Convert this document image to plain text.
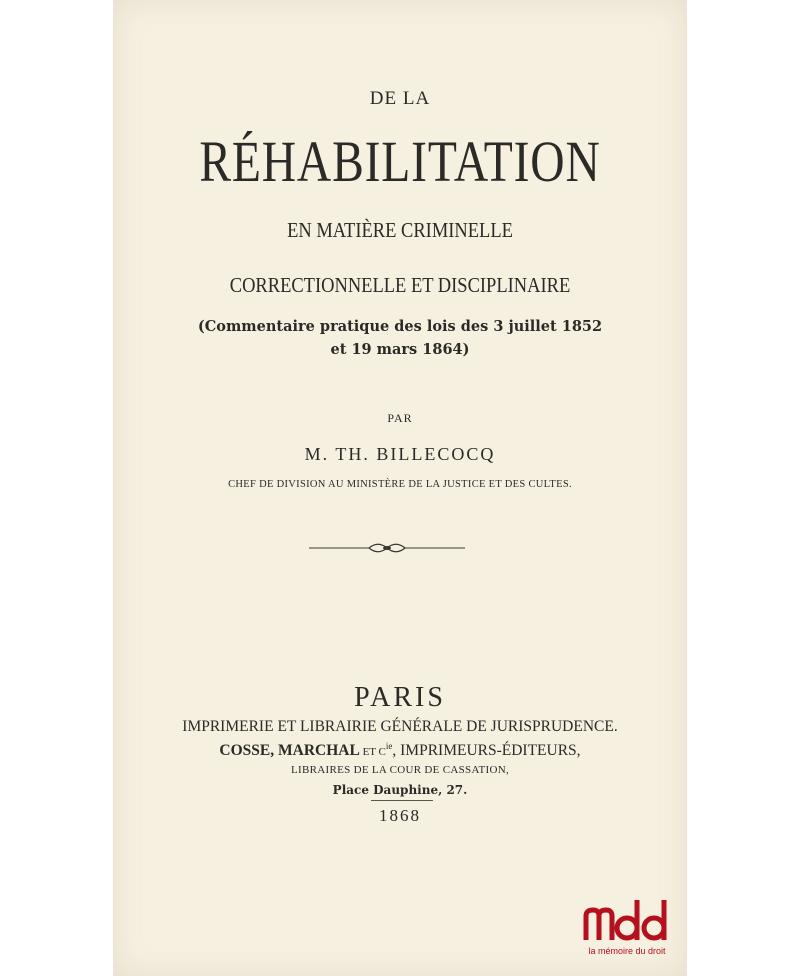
DE LA
RÉHABILITATION
EN MATIÈRE CRIMINELLE
CORRECTIONNELLE ET DISCIPLINAIRE
(Commentaire pratique des lois des 3 juillet 1852
et 19 mars 1864)
PAR
M. TH. BILLECOCQ
CHEF DE DIVISION AU MINISTÈRE DE LA JUSTICE ET DES CULTES.
PARIS
IMPRIMERIE ET LIBRAIRIE GÉNÉRALE DE JURISPRUDENCE.
COSSE, MARCHAL ET $C^{ie}$, IMPRIMEURS-ÉDITEURS,
LIBRAIRES DE LA COUR DE CASSATION,
Place Dauphine, 27.
1868
mdd
la mémoire du droit
